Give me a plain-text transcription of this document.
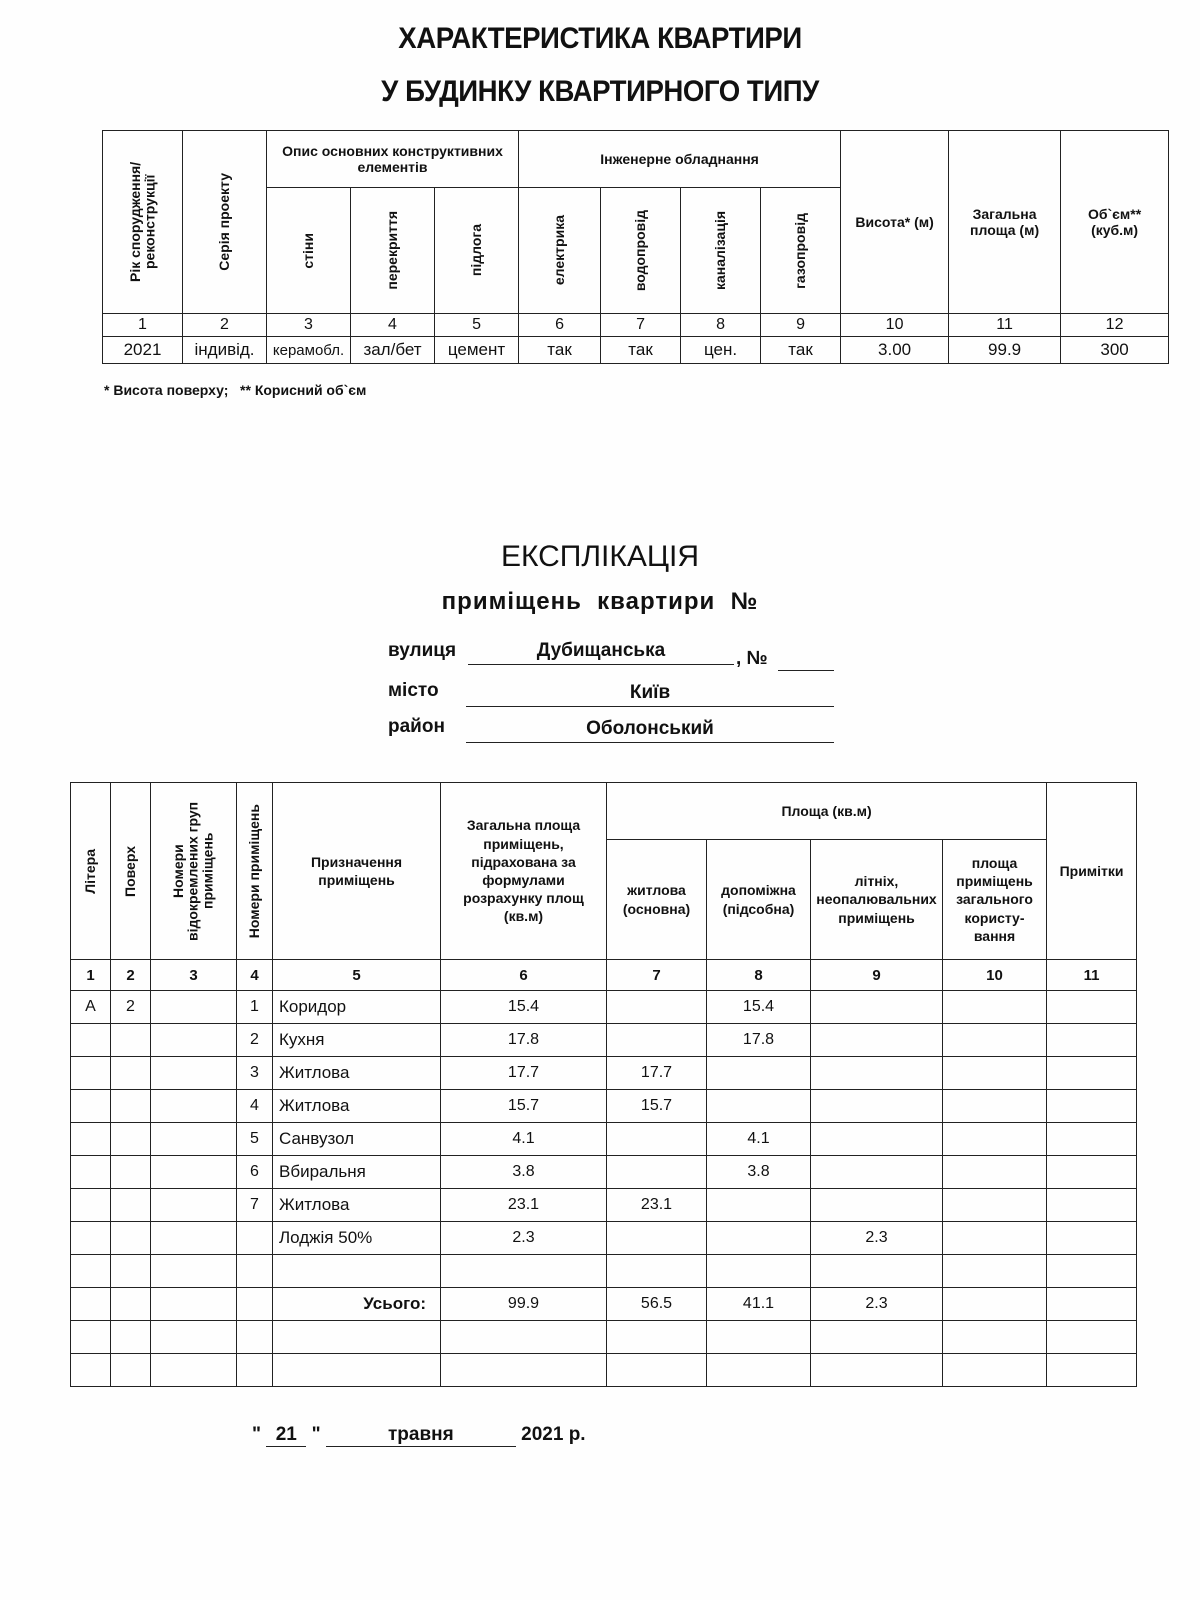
ХАРАКТЕРИСТИКА КВАРТИРИ
У БУДИНКУ КВАРТИРНОГО ТИПУ
Рік спорудження/ реконструкції	Серія проекту	Опис основних конструктивних елементів			Інженерне обладнання				Висота* (м)	Загальна площа (м)	Об`єм** (куб.м)

		стіни	перекриття	підлога	електрика	водопровід	каналізація	газопровід			

1	2	3	4	5	6	7	8	9	10	11	12
2021	індивід.	керамобл.	зал/бет	цемент	так	так	цен.	так	3.00	99.9	300
* Висота поверху;   ** Корисний об`єм
ЕКСПЛІКАЦІЯ
приміщень  квартири  №
вулиця	Дубищанська	, №
місто	Київ
район	Оболонський
Літера	Поверх	Номери відокремлених груп приміщень	Номери приміщень	Призначення приміщень	Загальна площа приміщень, підрахована за формулами розрахунку площ (кв.м)	Площа (кв.м)				Примітки
						житлова (основна)	допоміжна (підсобна)	літніх, неопалювальних приміщень	площа приміщень загального користу- вання	
1	2	3	4	5	6	7	8	9	10	11
А	2		1	Коридор	15.4		15.4			
			2	Кухня	17.8		17.8			
			3	Житлова	17.7	17.7				
			4	Житлова	15.7	15.7				
			5	Санвузол	4.1		4.1			
			6	Вбиральня	3.8		3.8			
			7	Житлова	23.1	23.1				
				Лоджія 50%	2.3			2.3		

				Усього:	99.9	56.5	41.1	2.3		

" 21 "	травня	2021 р.
